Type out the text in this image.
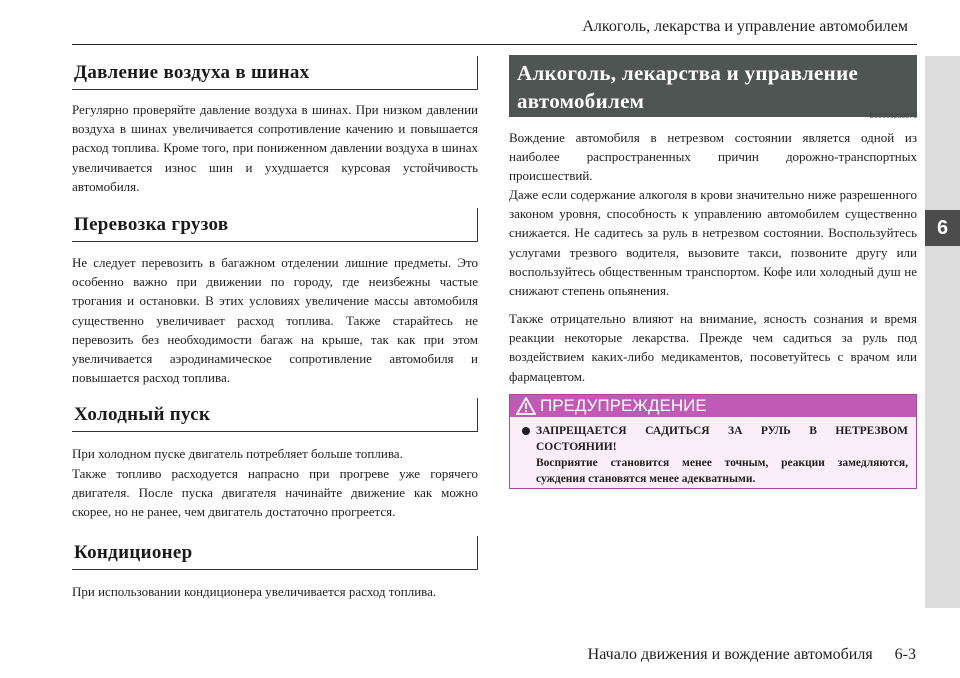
Алкоголь, лекарства и управление автомобилем
6
Давление воздуха в шинах

Регулярно проверяйте давление воздуха в шинах. При низком давлении воздуха в шинах увеличивается сопротивление качению и повышается расход топлива. Кроме того, при пониженном давлении воздуха в шинах увеличивается износ шин и ухудшается курсовая устойчивость автомобиля.

Перевозка грузов

Не следует перевозить в багажном отделении лишние предметы. Это особенно важно при движении по городу, где неизбежны частые трогания и остановки. В этих условиях увеличение массы автомобиля существенно увеличивает расход топлива. Также старайтесь не перевозить без необходимости багаж на крыше, так как при этом увеличивается аэродинамическое сопротивление автомобиля и повышается расход топлива.

Холодный пуск

При холодном пуске двигатель потребляет больше топлива.

Также топливо расходуется напрасно при прогреве уже горячего двигателя. После пуска двигателя начинайте движение как можно скорее, но не ранее, чем двигатель достаточно прогреется.

Кондиционер

При использовании кондиционера увеличивается расход топлива.

Алкоголь, лекарства и управление автомобилем
E00600200070

Вождение автомобиля в нетрезвом состоянии является одной из наиболее распространенных причин дорожно-транспортных происшествий.

Даже если содержание алкоголя в крови значительно ниже разрешенного законом уровня, способность к управлению автомобилем существенно снижается. Не садитесь за руль в нетрезвом состоянии. Воспользуйтесь услугами трезвого водителя, вызовите такси, позвоните другу или воспользуйтесь общественным транспортом. Кофе или холодный душ не снижают степень опьянения.

Также отрицательно влияют на внимание, ясность сознания и время реакции некоторые лекарства. Прежде чем садиться за руль под воздействием каких-либо медикаментов, посоветуйтесь с врачом или фармацевтом.

ПРЕДУПРЕЖДЕНИЕ
ЗАПРЕЩАЕТСЯ САДИТЬСЯ ЗА РУЛЬ В НЕТРЕЗВОМ СОСТОЯНИИ!
Восприятие становится менее точным, реакции замедляются, суждения становятся менее адекватными.
Начало движения и вождение автомобиля 6-3
